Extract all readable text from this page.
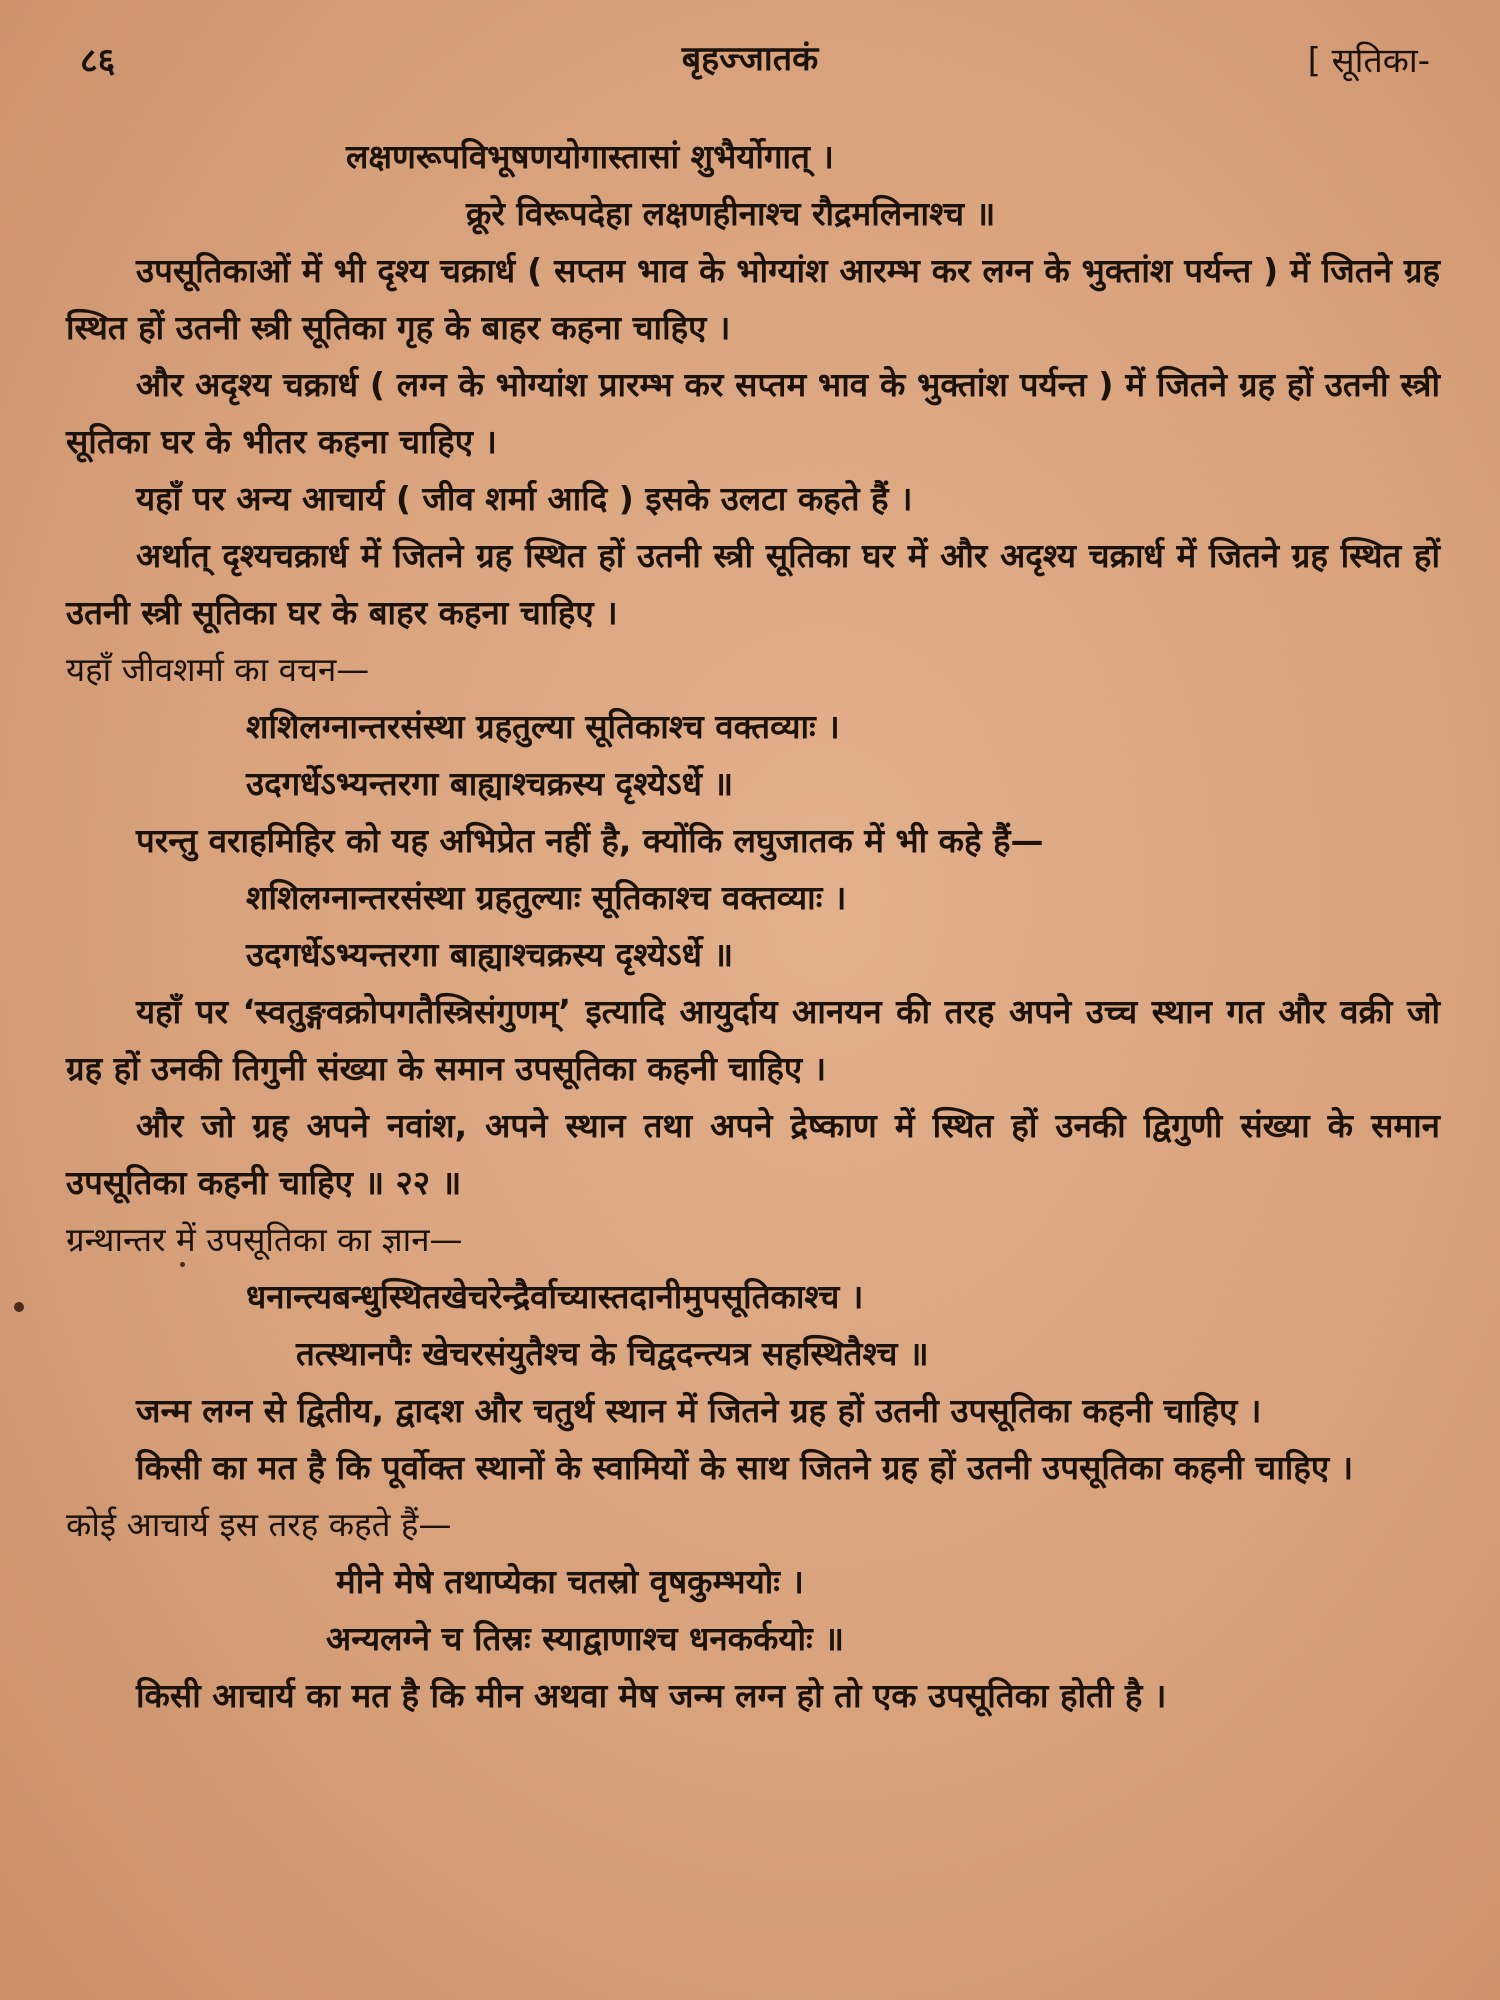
८६	बृहज्जातकं	[ सूतिका-

लक्षणरूपविभूषणयोगास्तासां शुभैर्योगात् ।

क्रूरे विरूपदेहा लक्षणहीनाश्च रौद्रमलिनाश्च ॥

उपसूतिकाओं में भी दृश्य चक्रार्ध ( सप्तम भाव के भोग्यांश आरम्भ कर लग्न के भुक्तांश पर्यन्त ) में जितने ग्रह स्थित हों उतनी स्त्री सूतिका गृह के बाहर कहना चाहिए ।

और अदृश्य चक्रार्ध ( लग्न के भोग्यांश प्रारम्भ कर सप्तम भाव के भुक्तांश पर्यन्त ) में जितने ग्रह हों उतनी स्त्री सूतिका घर के भीतर कहना चाहिए ।

यहाँ पर अन्य आचार्य ( जीव शर्मा आदि ) इसके उलटा कहते हैं ।

अर्थात् दृश्यचक्रार्ध में जितने ग्रह स्थित हों उतनी स्त्री सूतिका घर में और अदृश्य चक्रार्ध में जितने ग्रह स्थित हों उतनी स्त्री सूतिका घर के बाहर कहना चाहिए ।

यहाँ जीवशर्मा का वचन—

शशिलग्नान्तरसंस्था ग्रहतुल्या सूतिकाश्च वक्तव्याः ।

उदगर्धेऽभ्यन्तरगा बाह्याश्चक्रस्य दृश्येऽर्धे ॥

परन्तु वराहमिहिर को यह अभिप्रेत नहीं है, क्योंकि लघुजातक में भी कहे हैं—

शशिलग्नान्तरसंस्था ग्रहतुल्याः सूतिकाश्च वक्तव्याः ।

उदगर्धेऽभ्यन्तरगा बाह्याश्चक्रस्य दृश्येऽर्धे ॥

यहाँ पर ‘स्वतुङ्गवक्रोपगतैस्त्रिसंगुणम्’ इत्यादि आयुर्दाय आनयन की तरह अपने उच्च स्थान गत और वक्री जो ग्रह हों उनकी तिगुनी संख्या के समान उपसूतिका कहनी चाहिए ।

और जो ग्रह अपने नवांश, अपने स्थान तथा अपने द्रेष्काण में स्थित हों उनकी द्विगुणी संख्या के समान उपसूतिका कहनी चाहिए ॥ २२ ॥

ग्रन्थान्तर में उपसूतिका का ज्ञान—

धनान्त्यबन्धुस्थितखेचरेन्द्रैर्वाच्यास्तदानीमुपसूतिकाश्च ।

तत्स्थानपैः खेचरसंयुतैश्च के चिद्वदन्त्यत्र सहस्थितैश्च ॥

जन्म लग्न से द्वितीय, द्वादश और चतुर्थ स्थान में जितने ग्रह हों उतनी उपसूतिका कहनी चाहिए ।

किसी का मत है कि पूर्वोक्त स्थानों के स्वामियों के साथ जितने ग्रह हों उतनी उपसूतिका कहनी चाहिए ।

कोई आचार्य इस तरह कहते हैं—

मीने मेषे तथाप्येका चतस्रो वृषकुम्भयोः ।

अन्यलग्ने च तिस्रः स्याद्वाणाश्च धनकर्कयोः ॥

किसी आचार्य का मत है कि मीन अथवा मेष जन्म लग्न हो तो एक उपसूतिका होती है ।
